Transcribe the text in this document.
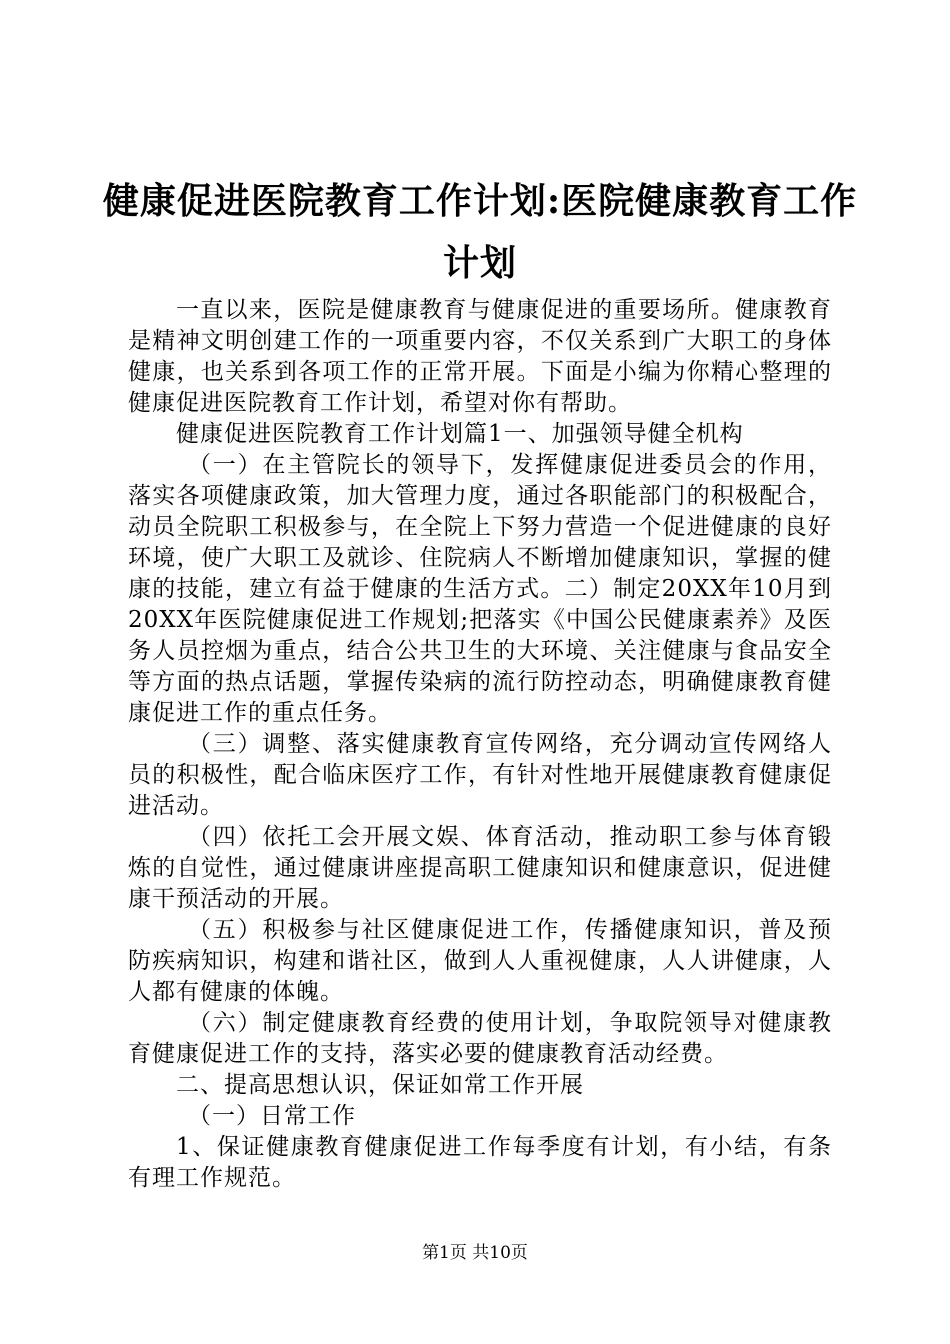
健康促进医院教育工作计划:医院健康教育工作计划

一直以来，医院是健康教育与健康促进的重要场所。健康教育是精神文明创建工作的一项重要内容，不仅关系到广大职工的身体健康，也关系到各项工作的正常开展。下面是小编为你精心整理的健康促进医院教育工作计划，希望对你有帮助。

健康促进医院教育工作计划篇1一、加强领导健全机构

（一）在主管院长的领导下，发挥健康促进委员会的作用，落实各项健康政策，加大管理力度，通过各职能部门的积极配合，动员全院职工积极参与，在全院上下努力营造一个促进健康的良好环境，使广大职工及就诊、住院病人不断增加健康知识，掌握的健康的技能，建立有益于健康的生活方式。二）制定20XX年10月到20XX年医院健康促进工作规划;把落实《中国公民健康素养》及医务人员控烟为重点，结合公共卫生的大环境、关注健康与食品安全等方面的热点话题，掌握传染病的流行防控动态，明确健康教育健康促进工作的重点任务。

（三）调整、落实健康教育宣传网络，充分调动宣传网络人员的积极性，配合临床医疗工作，有针对性地开展健康教育健康促进活动。

（四）依托工会开展文娱、体育活动，推动职工参与体育锻炼的自觉性，通过健康讲座提高职工健康知识和健康意识，促进健康干预活动的开展。

（五）积极参与社区健康促进工作，传播健康知识，普及预防疾病知识，构建和谐社区，做到人人重视健康，人人讲健康，人人都有健康的体魄。

（六）制定健康教育经费的使用计划，争取院领导对健康教育健康促进工作的支持，落实必要的健康教育活动经费。

二、提高思想认识，保证如常工作开展

（一）日常工作

1、保证健康教育健康促进工作每季度有计划，有小结，有条有理工作规范。

第1页 共10页
